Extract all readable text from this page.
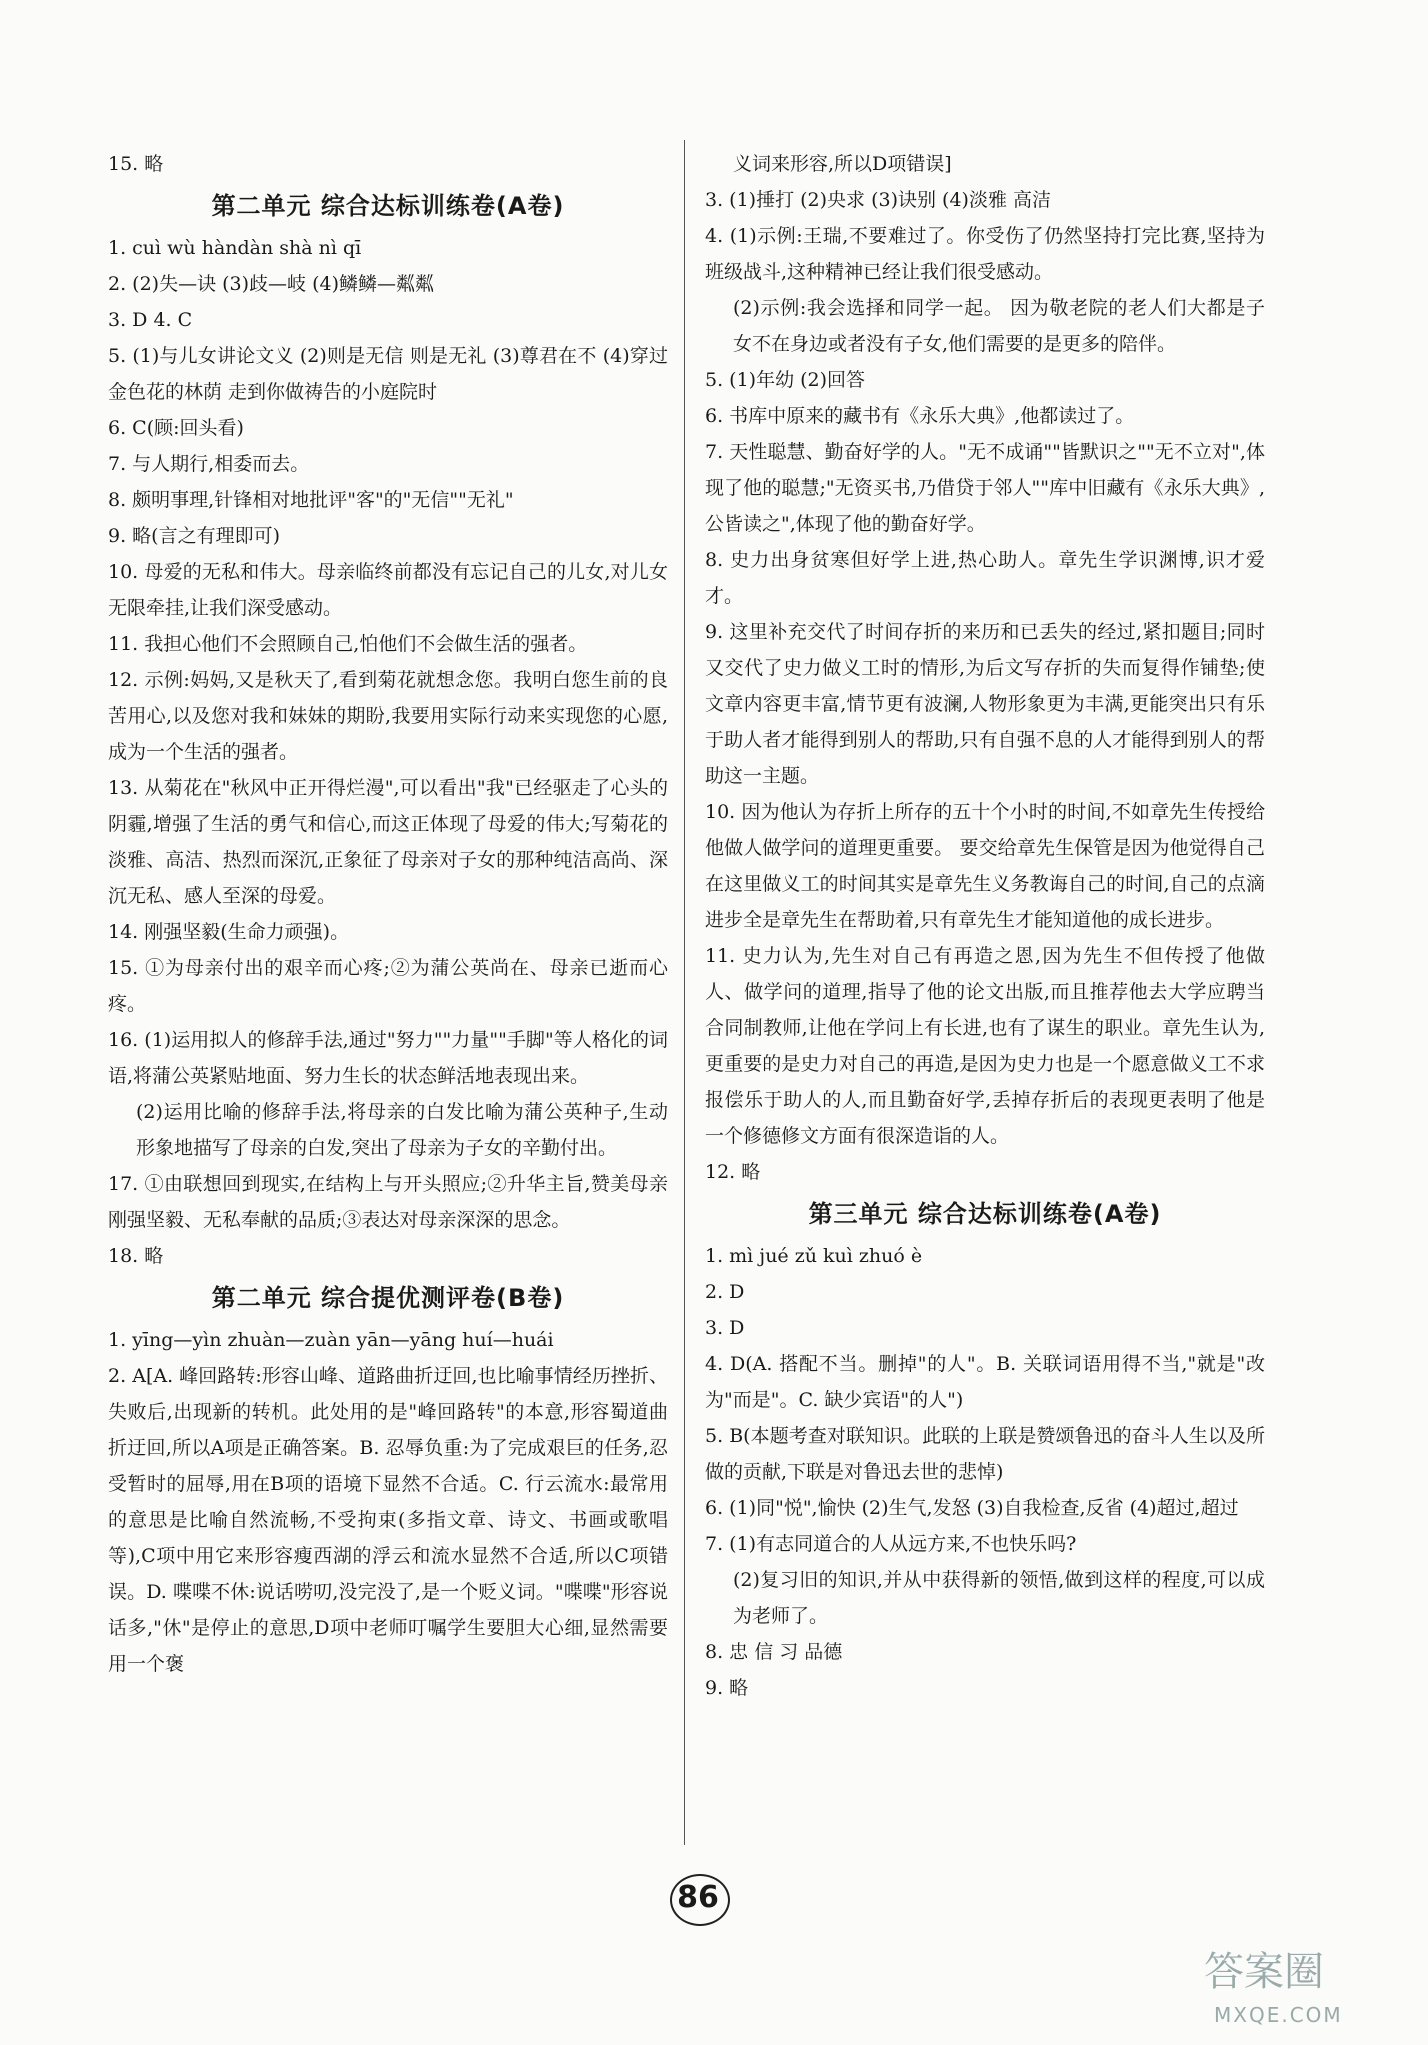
15. 略
第二单元 综合达标训练卷(A卷)
1. cuì wù hàndàn shà nì qī
2. (2)失—诀 (3)歧—岐 (4)鳞鳞—粼粼
3. D 4. C
5. (1)与儿女讲论文义 (2)则是无信 则是无礼 (3)尊君在不 (4)穿过金色花的林荫 走到你做祷告的小庭院时
6. C(顾:回头看)
7. 与人期行,相委而去。
8. 颇明事理,针锋相对地批评"客"的"无信""无礼"
9. 略(言之有理即可)
10. 母爱的无私和伟大。母亲临终前都没有忘记自己的儿女,对儿女无限牵挂,让我们深受感动。
11. 我担心他们不会照顾自己,怕他们不会做生活的强者。
12. 示例:妈妈,又是秋天了,看到菊花就想念您。我明白您生前的良苦用心,以及您对我和妹妹的期盼,我要用实际行动来实现您的心愿,成为一个生活的强者。
13. 从菊花在"秋风中正开得烂漫",可以看出"我"已经驱走了心头的阴霾,增强了生活的勇气和信心,而这正体现了母爱的伟大;写菊花的淡雅、高洁、热烈而深沉,正象征了母亲对子女的那种纯洁高尚、深沉无私、感人至深的母爱。
14. 刚强坚毅(生命力顽强)。
15. ①为母亲付出的艰辛而心疼;②为蒲公英尚在、母亲已逝而心疼。
16. (1)运用拟人的修辞手法,通过"努力""力量""手脚"等人格化的词语,将蒲公英紧贴地面、努力生长的状态鲜活地表现出来。
(2)运用比喻的修辞手法,将母亲的白发比喻为蒲公英种子,生动形象地描写了母亲的白发,突出了母亲为子女的辛勤付出。
17. ①由联想回到现实,在结构上与开头照应;②升华主旨,赞美母亲刚强坚毅、无私奉献的品质;③表达对母亲深深的思念。
18. 略
第二单元 综合提优测评卷(B卷)
1. yīng—yìn zhuàn—zuàn yān—yāng huí—huái
2. A[A. 峰回路转:形容山峰、道路曲折迂回,也比喻事情经历挫折、失败后,出现新的转机。此处用的是"峰回路转"的本意,形容蜀道曲折迂回,所以A项是正确答案。B. 忍辱负重:为了完成艰巨的任务,忍受暂时的屈辱,用在B项的语境下显然不合适。C. 行云流水:最常用的意思是比喻自然流畅,不受拘束(多指文章、诗文、书画或歌唱等),C项中用它来形容瘦西湖的浮云和流水显然不合适,所以C项错误。D. 喋喋不休:说话唠叨,没完没了,是一个贬义词。"喋喋"形容说话多,"休"是停止的意思,D项中老师叮嘱学生要胆大心细,显然需要用一个褒
义词来形容,所以D项错误]
3. (1)捶打 (2)央求 (3)诀别 (4)淡雅 高洁
4. (1)示例:王瑞,不要难过了。你受伤了仍然坚持打完比赛,坚持为班级战斗,这种精神已经让我们很受感动。
(2)示例:我会选择和同学一起。 因为敬老院的老人们大都是子女不在身边或者没有子女,他们需要的是更多的陪伴。
5. (1)年幼 (2)回答
6. 书库中原来的藏书有《永乐大典》,他都读过了。
7. 天性聪慧、勤奋好学的人。"无不成诵""皆默识之""无不立对",体现了他的聪慧;"无资买书,乃借贷于邻人""库中旧藏有《永乐大典》,公皆读之",体现了他的勤奋好学。
8. 史力出身贫寒但好学上进,热心助人。章先生学识渊博,识才爱才。
9. 这里补充交代了时间存折的来历和已丢失的经过,紧扣题目;同时又交代了史力做义工时的情形,为后文写存折的失而复得作铺垫;使文章内容更丰富,情节更有波澜,人物形象更为丰满,更能突出只有乐于助人者才能得到别人的帮助,只有自强不息的人才能得到别人的帮助这一主题。
10. 因为他认为存折上所存的五十个小时的时间,不如章先生传授给他做人做学问的道理更重要。 要交给章先生保管是因为他觉得自己在这里做义工的时间其实是章先生义务教诲自己的时间,自己的点滴进步全是章先生在帮助着,只有章先生才能知道他的成长进步。
11. 史力认为,先生对自己有再造之恩,因为先生不但传授了他做人、做学问的道理,指导了他的论文出版,而且推荐他去大学应聘当合同制教师,让他在学问上有长进,也有了谋生的职业。章先生认为,更重要的是史力对自己的再造,是因为史力也是一个愿意做义工不求报偿乐于助人的人,而且勤奋好学,丢掉存折后的表现更表明了他是一个修德修文方面有很深造诣的人。
12. 略
第三单元 综合达标训练卷(A卷)
1. mì jué zǔ kuì zhuó è
2. D
3. D
4. D(A. 搭配不当。删掉"的人"。B. 关联词语用得不当,"就是"改为"而是"。C. 缺少宾语"的人")
5. B(本题考查对联知识。此联的上联是赞颂鲁迅的奋斗人生以及所做的贡献,下联是对鲁迅去世的悲悼)
6. (1)同"悦",愉快 (2)生气,发怒 (3)自我检查,反省 (4)超过,超过
7. (1)有志同道合的人从远方来,不也快乐吗?
(2)复习旧的知识,并从中获得新的领悟,做到这样的程度,可以成为老师了。
8. 忠 信 习 品德
9. 略
86
答案圈
MXQE.COM
